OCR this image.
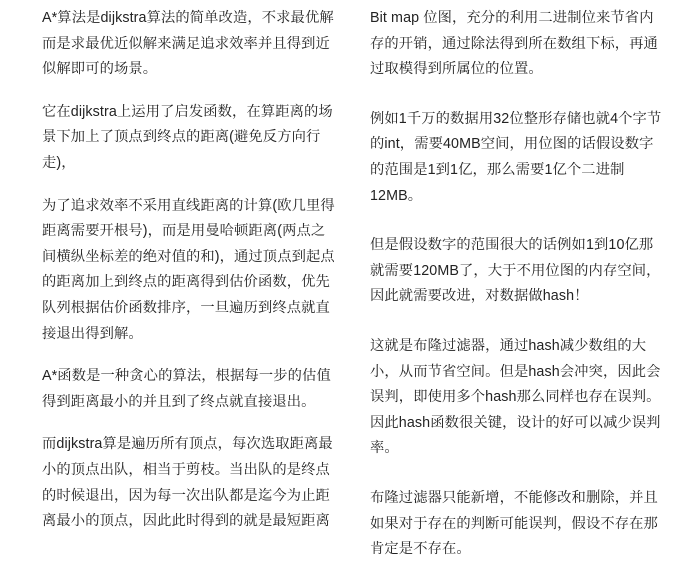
A*算法是dijkstra算法的简单改造，不求最优解而是求最优近似解来满足追求效率并且得到近似解即可的场景。

它在dijkstra上运用了启发函数，在算距离的场景下加上了顶点到终点的距离(避免反方向行走)，

为了追求效率不采用直线距离的计算(欧几里得距离需要开根号)，而是用曼哈顿距离(两点之间横纵坐标差的绝对值的和)，通过顶点到起点的距离加上到终点的距离得到估价函数，优先队列根据估价函数排序，一旦遍历到终点就直接退出得到解。

A*函数是一种贪心的算法，根据每一步的估值得到距离最小的并且到了终点就直接退出。

而dijkstra算是遍历所有顶点，每次选取距离最小的顶点出队，相当于剪枝。当出队的是终点的时候退出，因为每一次出队都是迄今为止距离最小的顶点，因此此时得到的就是最短距离

Bit map 位图，充分的利用二进制位来节省内存的开销，通过除法得到所在数组下标，再通过取模得到所属位的位置。

例如1千万的数据用32位整形存储也就4个字节的int，需要40MB空间，用位图的话假设数字的范围是1到1亿，那么需要1亿个二进制12MB。

但是假设数字的范围很大的话例如1到10亿那就需要120MB了，大于不用位图的内存空间，因此就需要改进，对数据做hash！

这就是布隆过滤器，通过hash减少数组的大小，从而节省空间。但是hash会冲突，因此会误判，即使用多个hash那么同样也存在误判。因此hash函数很关键，设计的好可以减少误判率。

布隆过滤器只能新增，不能修改和删除，并且如果对于存在的判断可能误判，假设不存在那肯定是不存在。
